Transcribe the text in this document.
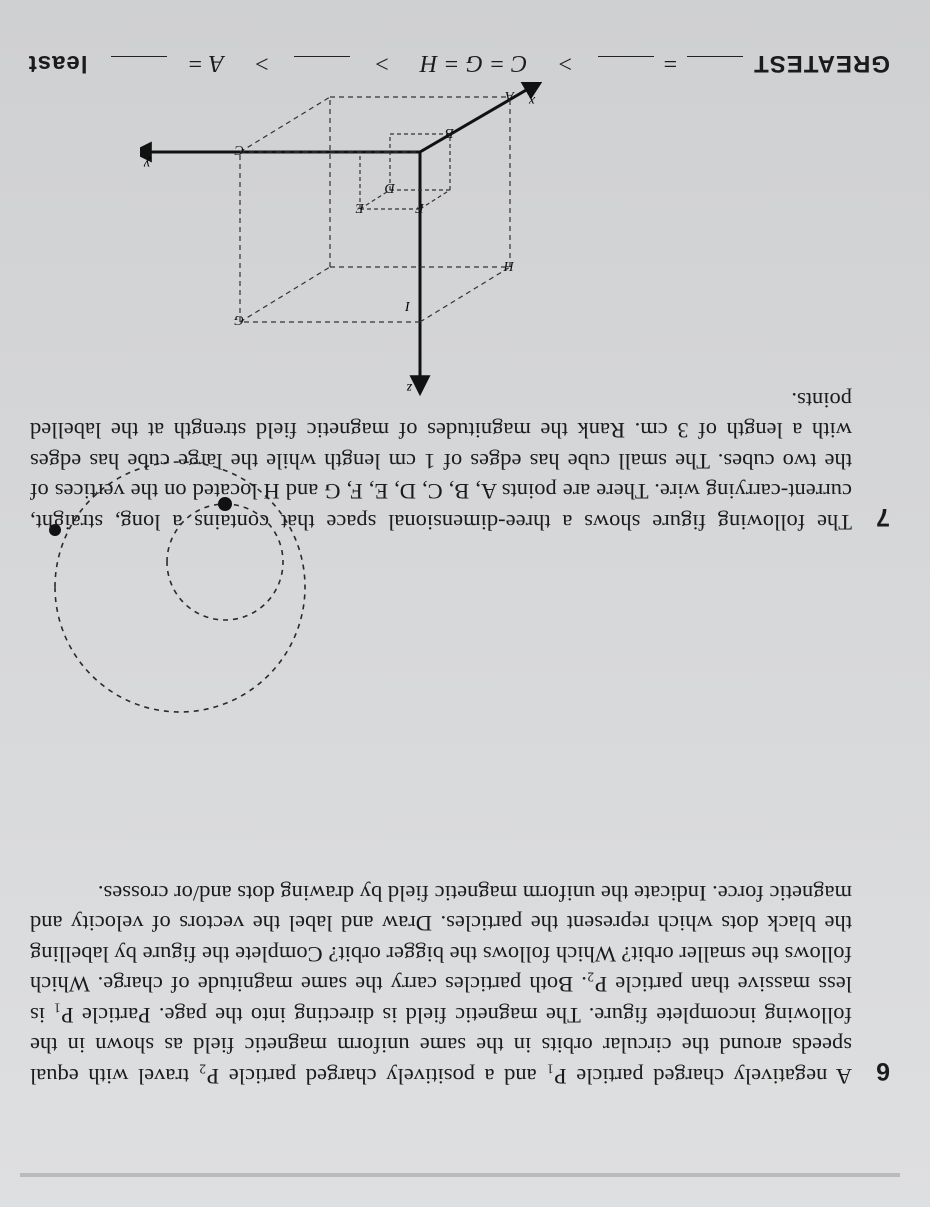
6
A negatively charged particle P₁ and a positively charged particle P₂ travel with equal speeds around the circular orbits in the same uniform magnetic field as shown in the following incomplete figure. The magnetic field is directing into the page. Particle P₁ is less massive than particle P₂. Both particles carry the same magnitude of charge. Which follows the smaller orbit? Which follows the bigger orbit? Complete the figure by labelling the black dots which represent the particles. Draw and label the vectors of velocity and magnetic force. Indicate the uniform magnetic field by drawing dots and/or crosses.
7
The following figure shows a three-dimensional space that contains a long, straight, current-carrying wire. There are points A, B, C, D, E, F, G and H located on the vertices of the two cubes. The small cube has edges of 1 cm length while the large cube has edges with a length of 3 cm. Rank the magnitudes of magnetic field strength at the labelled points.
z
y
x
I
A
B
C
D
E	F
G
H
GREATEST  =  > C = G = H >  > A =  least
